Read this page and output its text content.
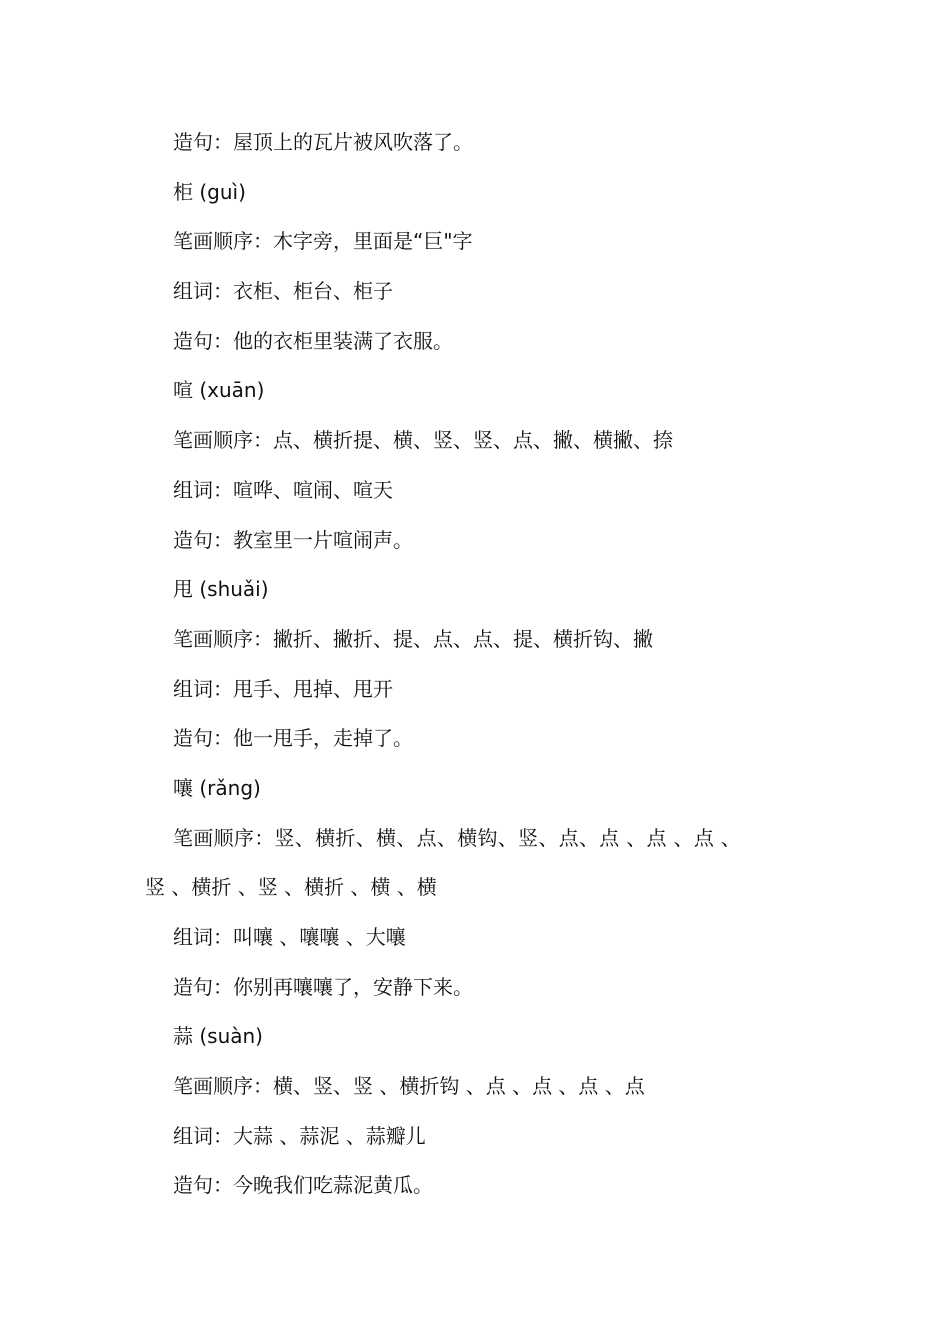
造句：屋顶上的瓦片被风吹落了。

柜 (guì)

笔画顺序：木字旁，里面是“巨"字

组词：衣柜、柜台、柜子

造句：他的衣柜里装满了衣服。

喧 (xuān)

笔画顺序：点、横折提、横、竖、竖、点、撇、横撇、捺

组词：喧哗、喧闹、喧天

造句：教室里一片喧闹声。

甩 (shuǎi)

笔画顺序：撇折、撇折、提、点、点、提、横折钩、撇

组词：甩手、甩掉、甩开

造句：他一甩手，走掉了。

嚷 (rǎng)

笔画顺序：竖、横折、横、点、横钩、竖、点、点 、点 、点 、

竖 、横折 、竖 、横折 、横 、横

组词：叫嚷 、嚷嚷 、大嚷

造句：你别再嚷嚷了，安静下来。

蒜 (suàn)

笔画顺序：横、竖、竖 、横折钩 、点 、点 、点 、点

组词：大蒜 、蒜泥 、蒜瓣儿

造句：今晚我们吃蒜泥黄瓜。
